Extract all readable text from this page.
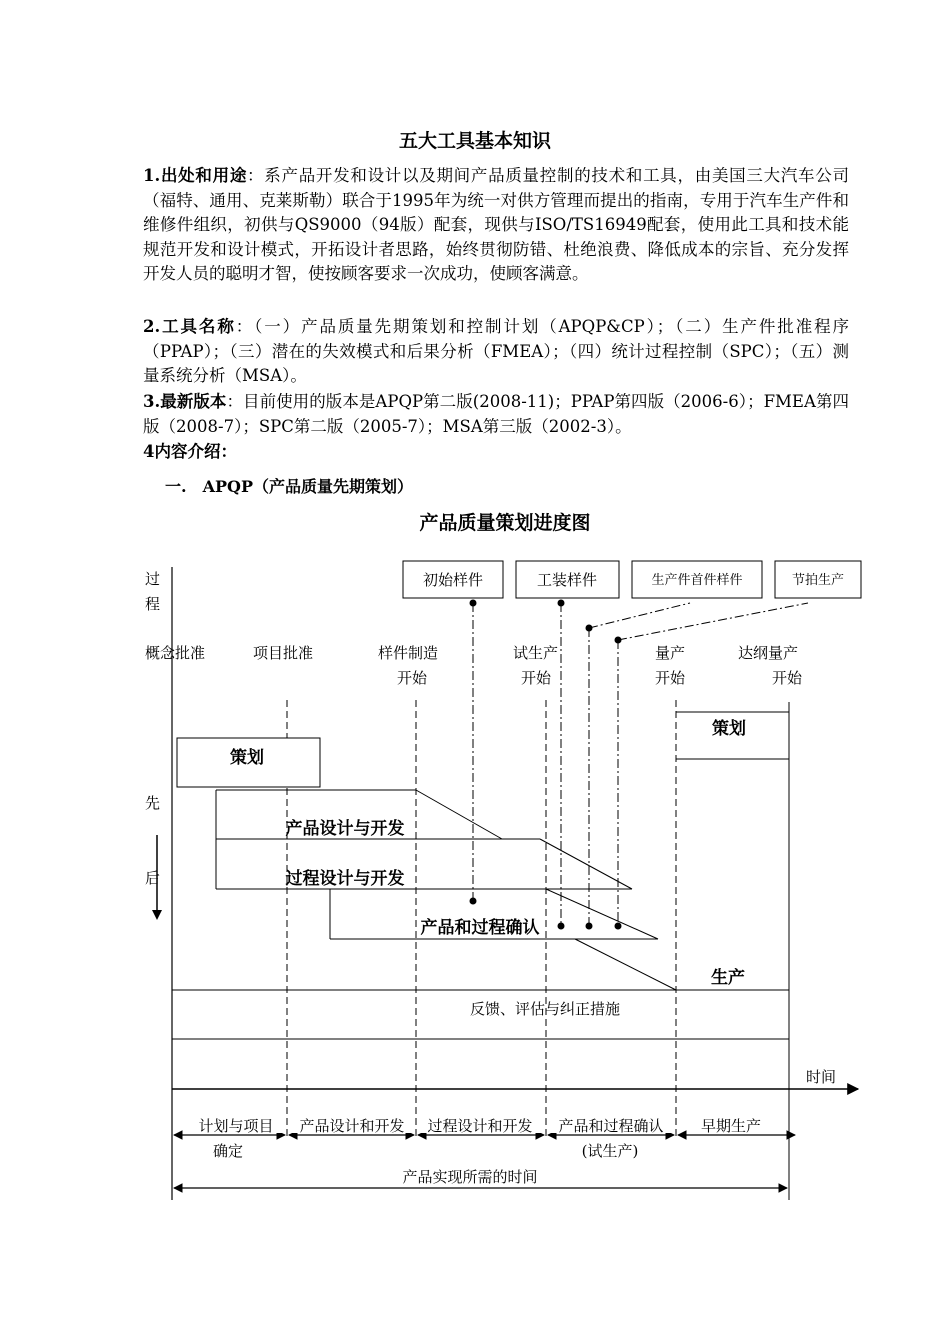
五大工具基本知识

1.出处和用途：系产品开发和设计以及期间产品质量控制的技术和工具，由美国三大汽车公司（福特、通用、克莱斯勒）联合于1995年为统一对供方管理而提出的指南，专用于汽车生产件和维修件组织，初供与QS9000（94版）配套，现供与ISO/TS16949配套，使用此工具和技术能规范开发和设计模式，开拓设计者思路，始终贯彻防错、杜绝浪费、降低成本的宗旨、充分发挥开发人员的聪明才智，使按顾客要求一次成功，使顾客满意。

2.工具名称：（一）产品质量先期策划和控制计划（APQP&CP）；（二）生产件批准程序（PPAP）；（三）潜在的失效模式和后果分析（FMEA）；（四）统计过程控制（SPC）；（五）测量系统分析（MSA）。

3.最新版本：目前使用的版本是APQP第二版(2008-11)；PPAP第四版（2006-6）；FMEA第四版（2008-7）；SPC第二版（2005-7）；MSA第三版（2002-3）。

4内容介绍：

一.　APQP（产品质量先期策划）

产品质量策划进度图

过
程
先
后
初始样件	工装样件	生产件首件样件	节拍生产
概念批准	项目批准	样件制造
开始
试生产
开始
量产
开始
达纲量产
开始
策划
产品设计与开发
过程设计与开发
产品和过程确认
生产
策划
反馈、评估与纠正措施
时间
计划与项目 产品设计和开发 过程设计和开发 产品和过程确认 早期生产
确定	(试生产)
产品实现所需的时间
